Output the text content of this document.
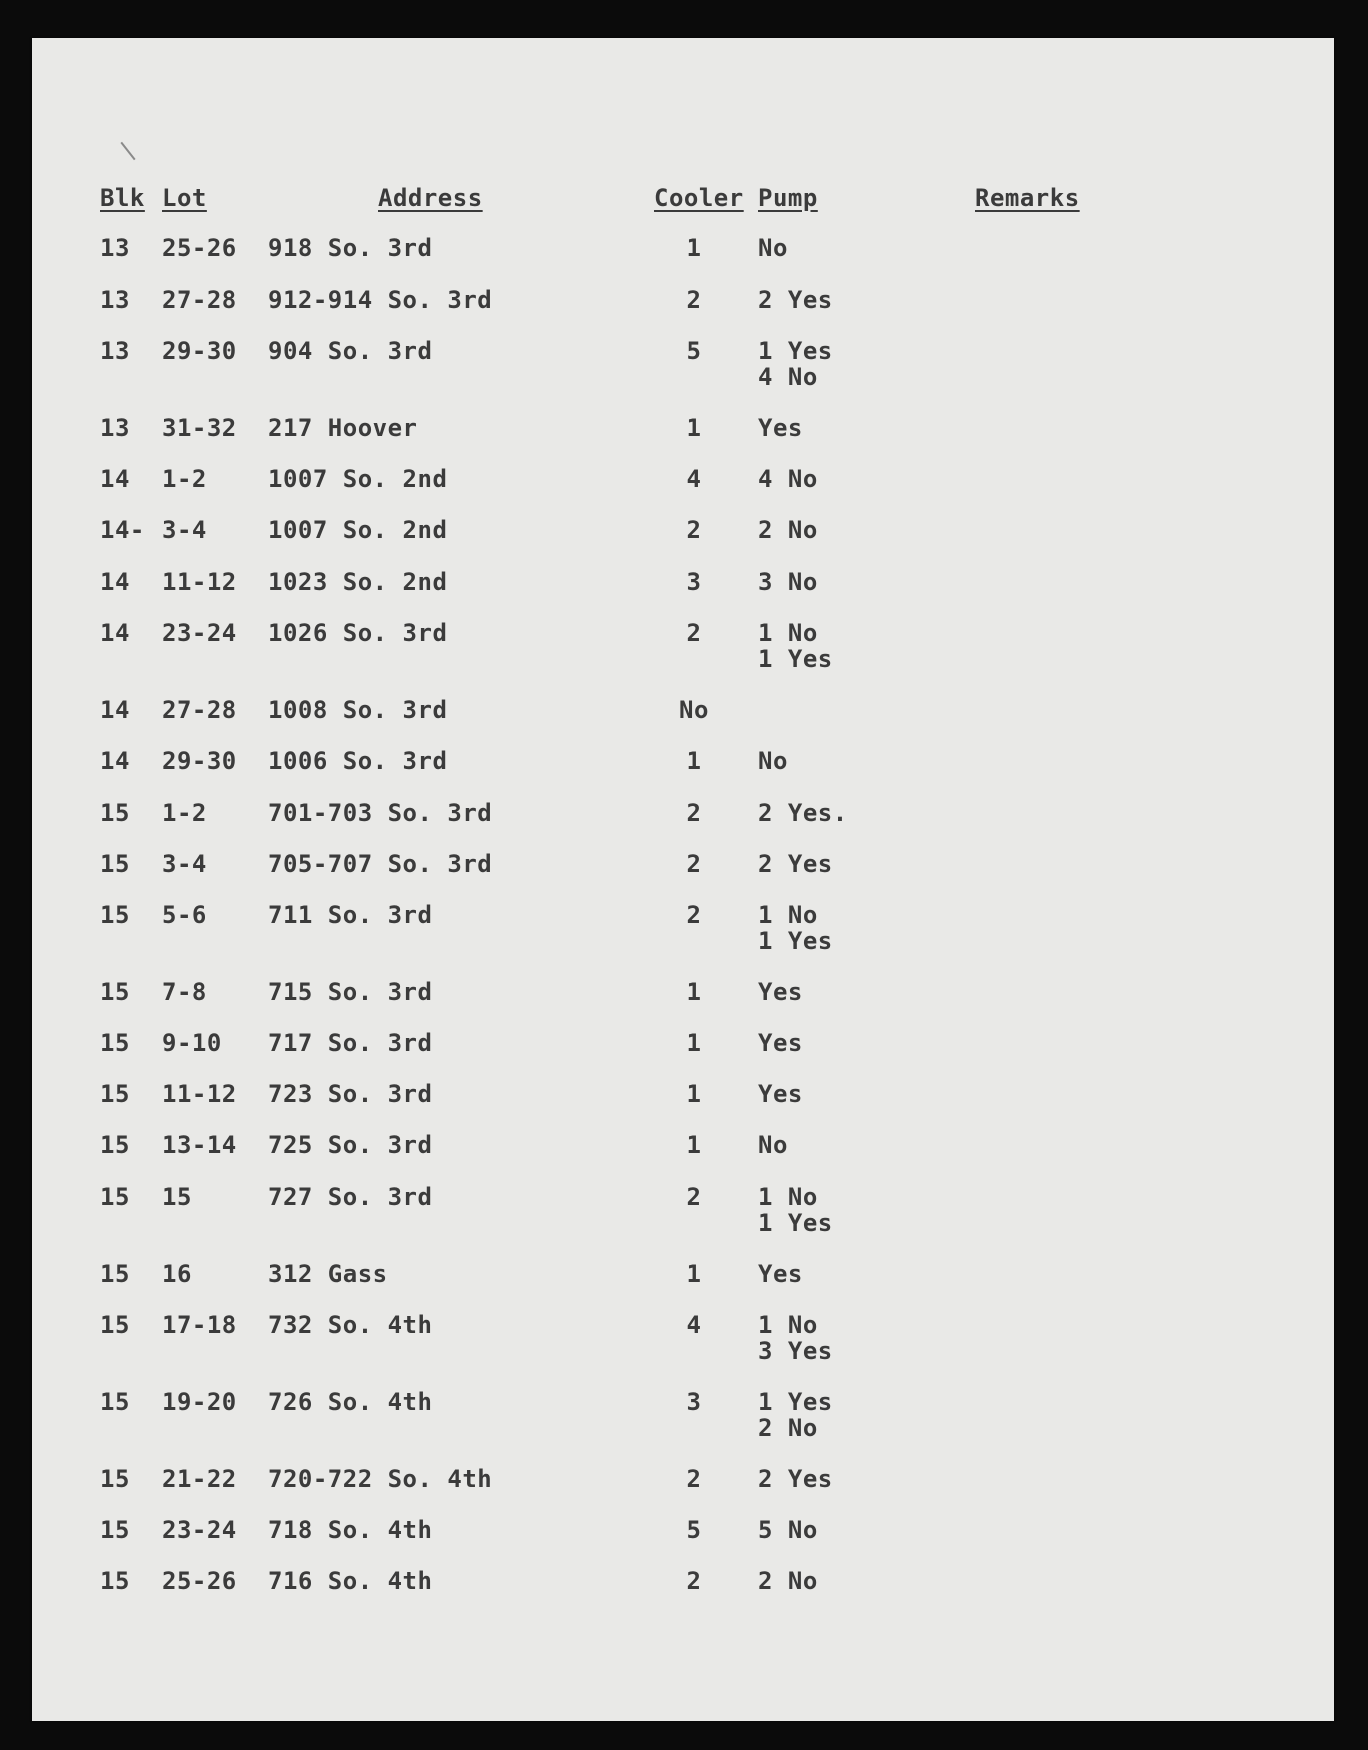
Blk Lot	Address	Cooler Pump	Remarks
13 25-26 918 So. 3rd	1	No
13 27-28 912-914 So. 3rd	2	2 Yes
13 29-30 904 So. 3rd	5	1 Yes
4 No
13 31-32 217 Hoover	1	Yes
14 1-2	1007 So. 2nd	4	4 No
14- 3-4	1007 So. 2nd	2	2 No
14 11-12 1023 So. 2nd	3	3 No
14 23-24 1026 So. 3rd	2	1 No
1 Yes
14 27-28 1008 So. 3rd	No
14 29-30 1006 So. 3rd	1	No
15 1-2	701-703 So. 3rd	2	2 Yes.
15 3-4	705-707 So. 3rd	2	2 Yes
15 5-6	711 So. 3rd	2	1 No
1 Yes
15 7-8	715 So. 3rd	1	Yes
15 9-10 717 So. 3rd	1	Yes
15 11-12 723 So. 3rd	1	Yes
15 13-14 725 So. 3rd	1	No
15 15	727 So. 3rd	2	1 No
1 Yes
15 16	312 Gass	1	Yes
15 17-18 732 So. 4th	4	1 No
3 Yes
15 19-20 726 So. 4th	3	1 Yes
2 No
15 21-22 720-722 So. 4th	2	2 Yes
15 23-24 718 So. 4th	5	5 No
15 25-26 716 So. 4th	2	2 No
